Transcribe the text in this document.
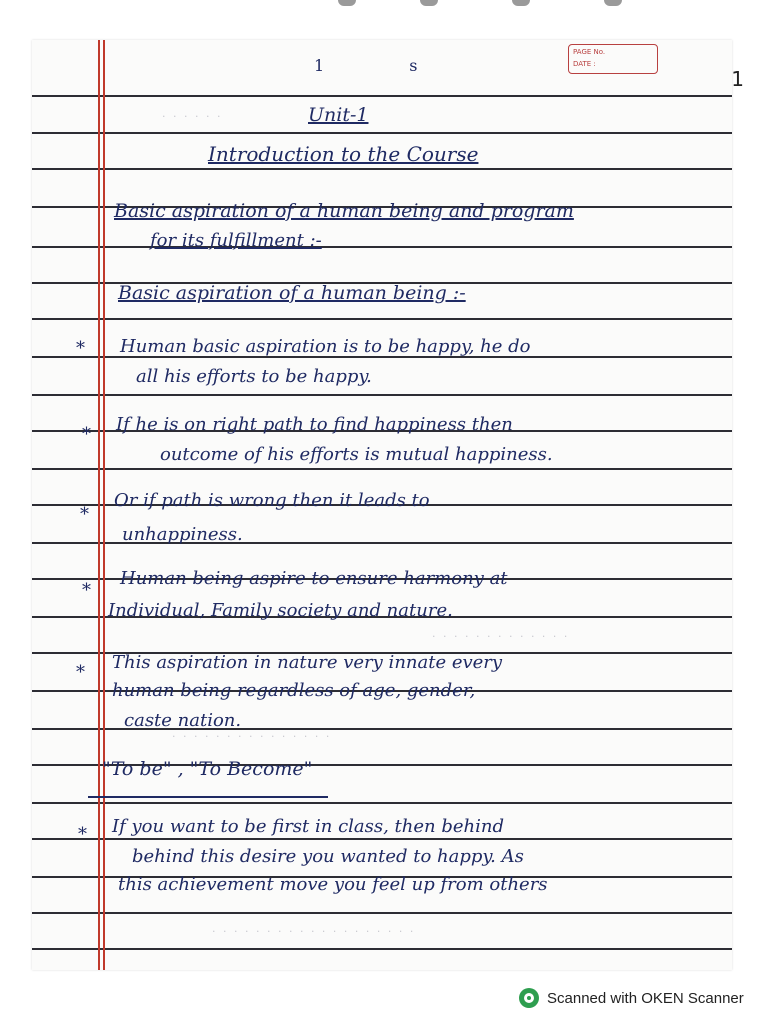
1 s
PAGE No.
DATE :
Unit-1
Introduction to the Course
Basic aspiration of a human being and program
for its fulfillment :-
Basic aspiration of a human being :-
* Human basic aspiration is to be happy, he do
all his efforts to be happy.
* If he is on right path to find happiness then
outcome of his efforts is mutual happiness.
*
Or if path is wrong then it leads to
unhappiness.
*
Human being aspire to ensure harmony at
Individual, Family society and nature.
* This aspiration in nature very innate every
human being regardless of age, gender,
caste nation.
"To be" , "To Become"
* If you want to be first in class, then behind
behind this desire you wanted to happy. As
this achievement move you feel up from others
· · · · · ·
· · · · · · · · · · · · ·
· · · · · · · · · · · · · · ·
· · · · · · · · · · · · · · · · · · ·
1
Scanned with OKEN Scanner
